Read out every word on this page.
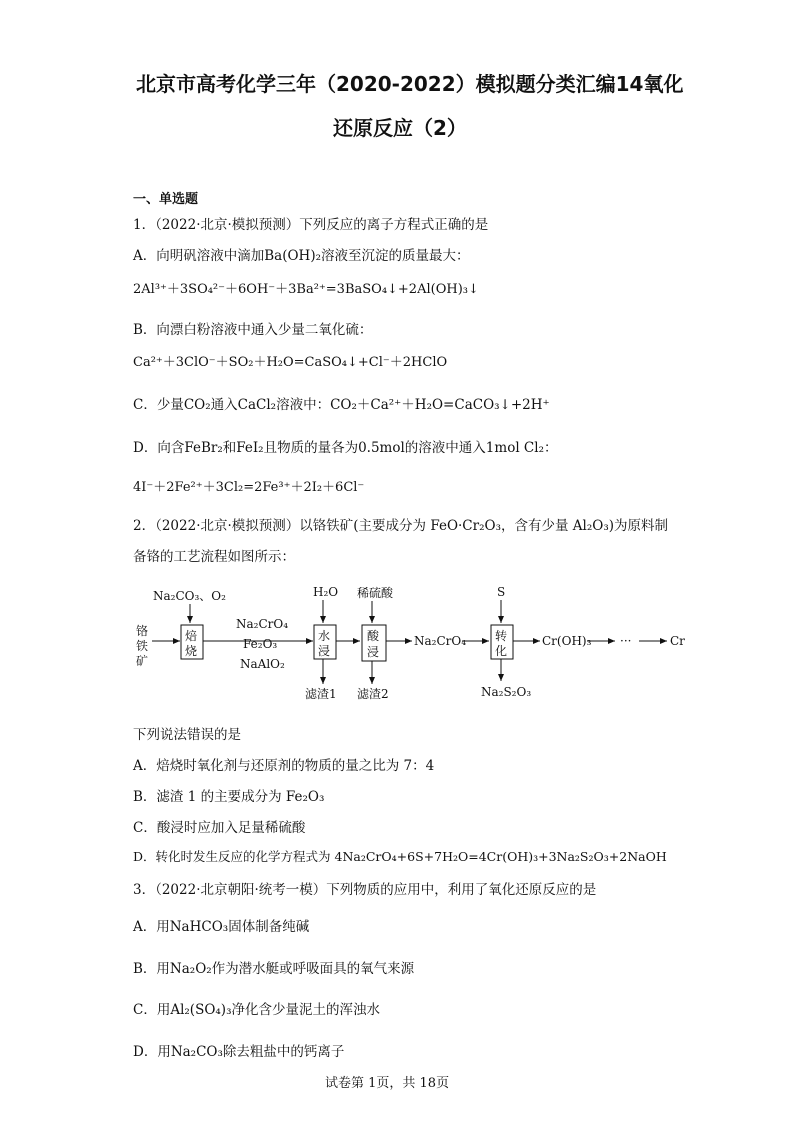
北京市高考化学三年（2020-2022）模拟题分类汇编14氧化
还原反应（2）
一、单选题
1．（2022·北京·模拟预测）下列反应的离子方程式正确的是
A．向明矾溶液中滴加Ba(OH)₂溶液至沉淀的质量最大：
2Al³⁺＋3SO₄²⁻＋6OH⁻＋3Ba²⁺=3BaSO₄↓+2Al(OH)₃↓
B．向漂白粉溶液中通入少量二氧化硫：
Ca²⁺＋3ClO⁻＋SO₂＋H₂O=CaSO₄↓+Cl⁻＋2HClO
C．少量CO₂通入CaCl₂溶液中：CO₂＋Ca²⁺＋H₂O=CaCO₃↓+2H⁺
D．向含FeBr₂和FeI₂且物质的量各为0.5mol的溶液中通入1mol Cl₂：
4I⁻＋2Fe²⁺＋3Cl₂=2Fe³⁺＋2I₂＋6Cl⁻
2．（2022·北京·模拟预测）以铬铁矿(主要成分为 FeO·Cr₂O₃，含有少量 Al₂O₃)为原料制
备铬的工艺流程如图所示：
Na₂CO₃、O₂
铬
铁
矿
焙
烧
Na₂CrO₄
Fe₂O₃
NaAlO₂
H₂O
水
浸
滤渣1
稀硫酸
酸
浸
滤渣2
Na₂CrO₄
S
转
化
Na₂S₂O₃
Cr(OH)₃ ···	Cr
下列说法错误的是
A．焙烧时氧化剂与还原剂的物质的量之比为 7：4
B．滤渣 1 的主要成分为 Fe₂O₃
C．酸浸时应加入足量稀硫酸
D．转化时发生反应的化学方程式为 4Na₂CrO₄+6S+7H₂O=4Cr(OH)₃+3Na₂S₂O₃+2NaOH
3．（2022·北京朝阳·统考一模）下列物质的应用中，利用了氧化还原反应的是
A．用NaHCO₃固体制备纯碱
B．用Na₂O₂作为潜水艇或呼吸面具的氧气来源
C．用Al₂(SO₄)₃净化含少量泥土的浑浊水
D．用Na₂CO₃除去粗盐中的钙离子
试卷第 1页，共 18页
